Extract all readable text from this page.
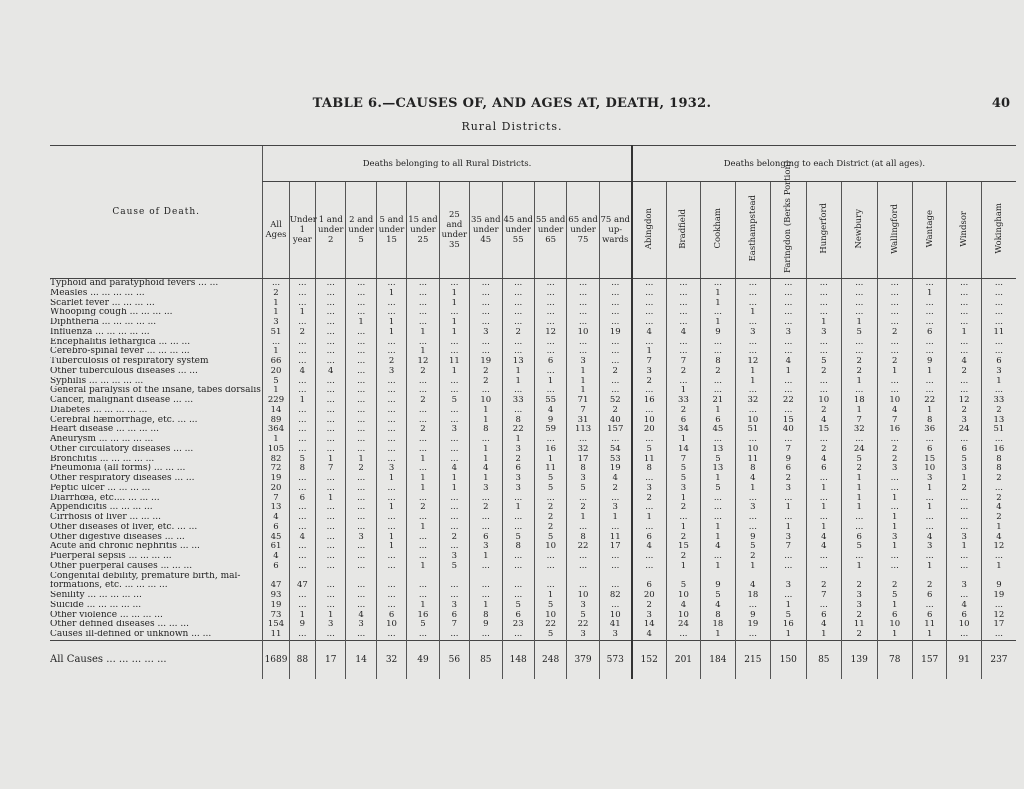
TABLE 6.—CAUSES OF, AND AGES AT, DEATH, 1932.	40
Rural Districts.
Cause of Death.	Deaths belonging to all Rural Districts.												Deaths belonging to each District (at all ages).										
	All Ages	Under 1 year	1 and under 2	2 and under 5	5 and under 15	15 and under 25	25 and under 35	35 and under 45	45 and under 55	55 and under 65	65 and under 75	75 and up-wards	Abingdon	Bradfield	Cookham	Easthampstead	Faringdon (Berks Portion)	Hungerford	Newbury	Wallingford	Wantage	Windsor	Wokingham
Typhoid and paratyphoid fevers ... ...	...	...	...	...	...	...	...	...	...	...	...	...	...	...	...	...	...	...	...	...	...	...	...
Measles ... ... ... ... ...	2	...	...	...	1	...	1	...	...	...	...	...	...	...	1	...	...	...	...	...	1	...	...
Scarlet fever ... ... ... ...	1	...	...	...	...	...	1	...	...	...	...	...	...	...	1	...	...	...	...	...	...	...	...
Whooping cough ... ... ... ...	1	1	...	...	...	...	...	...	...	...	...	...	...	...	...	1	...	...	...	...	...	...	...
Diphtheria ... ... ... ... ...	3	...	...	1	1	...	1	...	...	...	...	...	...	...	1	...	...	1	1	...	...	...	...
Influenza ... ... ... ... ...	51	2	...	...	1	1	1	3	2	12	10	19	4	4	9	3	3	3	5	2	6	1	11
Encephalitis lethargica ... ... ...	...	...	...	...	...	...	...	...	...	...	...	...	...	...	...	...	...	...	...	...	...	...	...
Cerebro-spinal fever ... ... ... ...	1	...	...	...	...	1	...	...	...	...	...	...	1	...	...	...	...	...	...	...	...	...	...
Tuberculosis of respiratory system	66	...	...	...	2	12	11	19	13	6	3	...	7	7	8	12	4	5	2	2	9	4	6
Other tuberculous diseases ... ...	20	4	4	...	3	2	1	2	1	...	1	2	3	2	2	1	1	2	2	1	1	2	3
Syphilis ... ... ... ... ...	5	...	...	...	...	...	...	2	1	1	1	...	2	...	...	1	...	...	1	...	...	...	1
General paralysis of the insane, tabes dorsalis	1	...	...	...	...	...	...	...	...	...	1	...	...	1	...	...	...	...	...	...	...	...	...
Cancer, malignant disease ... ...	229	1	...	...	...	2	5	10	33	55	71	52	16	33	21	32	22	10	18	10	22	12	33
Diabetes ... ... ... ... ...	14	...	...	...	...	...	...	1	...	4	7	2	...	2	1	...	...	2	1	4	1	2	2
Cerebral hæmorrhage, etc. ... ...	89	...	...	...	...	...	...	1	8	9	31	40	10	6	6	10	15	4	7	7	8	3	13
Heart disease ... ... ... ...	364	...	...	...	...	2	3	8	22	59	113	157	20	34	45	51	40	15	32	16	36	24	51
Aneurysm ... ... ... ... ...	1	...	...	...	...	...	...	...	1	...	...	...	...	1	...	...	...	...	...	...	...	...	...
Other circulatory diseases ... ...	105	...	...	...	...	...	...	1	3	16	32	54	5	14	13	10	7	2	24	2	6	6	16
Bronchitis ... ... ... ... ...	82	5	1	1	...	1	...	1	2	1	17	53	11	7	5	11	9	4	5	2	15	5	8
Pneumonia (all forms) ... ... ...	72	8	7	2	3	...	4	4	6	11	8	19	8	5	13	8	6	6	2	3	10	3	8
Other respiratory diseases ... ...	19	...	...	...	1	1	1	1	3	5	3	4	...	5	1	4	2	...	1	...	3	1	2
Peptic ulcer ... ... ... ...	20	...	...	...	...	1	1	3	3	5	5	2	3	3	5	1	3	1	1	...	1	2	...
Diarrhœa, etc.... ... ... ...	7	6	1	...	...	...	...	...	...	...	...	...	2	1	...	...	...	...	1	1	...	...	2
Appendicitis ... ... ... ...	13	...	...	...	1	2	...	2	1	2	2	3	...	2	...	3	1	1	1	...	1	...	4
Cirrhosis of liver ... ... ...	4	...	...	...	...	...	...	...	...	2	1	1	1	...	...	...	...	...	...	1	...	...	2
Other diseases of liver, etc. ... ...	6	...	...	...	...	1	...	...	...	2	...	...	...	1	1	...	1	1	...	1	...	...	1
Other digestive diseases ... ...	45	4	...	3	1	...	2	6	5	5	8	11	6	2	1	9	3	4	6	3	4	3	4
Acute and chronic nephritis ... ...	61	...	...	...	1	...	...	3	8	10	22	17	4	15	4	5	7	4	5	1	3	1	12
Puerperal sepsis ... ... ... ...	4	...	...	...	...	...	3	1	...	...	...	...	...	2	...	2	...	...	...	...	...	...	...
Other puerperal causes ... ... ...	6	...	...	...	...	1	5	...	...	...	...	...	...	1	1	1	...	...	1	...	1	...	1
Congenital debility, premature birth, mal-																							
formations, etc. ... ... ... ...	47	47	...	...	...	...	...	...	...	...	...	...	6	5	9	4	3	2	2	2	2	3	9
Senility ... ... ... ... ...	93	...	...	...	...	...	...	...	...	1	10	82	20	10	5	18	...	7	3	5	6	...	19
Suicide ... ... ... ... ...	19	...	...	...	...	1	3	1	5	5	3	...	2	4	4	...	1	...	3	1	...	4	...
Other violence ... ... ... ...	73	1	1	4	6	16	6	8	6	10	5	10	3	10	8	9	5	6	2	6	6	6	12
Other defined diseases ... ... ...	154	9	3	3	10	5	7	9	23	22	22	41	14	24	18	19	16	4	11	10	11	10	17
Causes ill-defined or unknown ... ...	11	...	...	...	...	...	...	...	...	5	3	3	4	...	1	...	1	1	2	1	1	...	...
All Causes ... ... ... ... ...	1689	88	17	14	32	49	56	85	148	248	379	573	152	201	184	215	150	85	139	78	157	91	237
